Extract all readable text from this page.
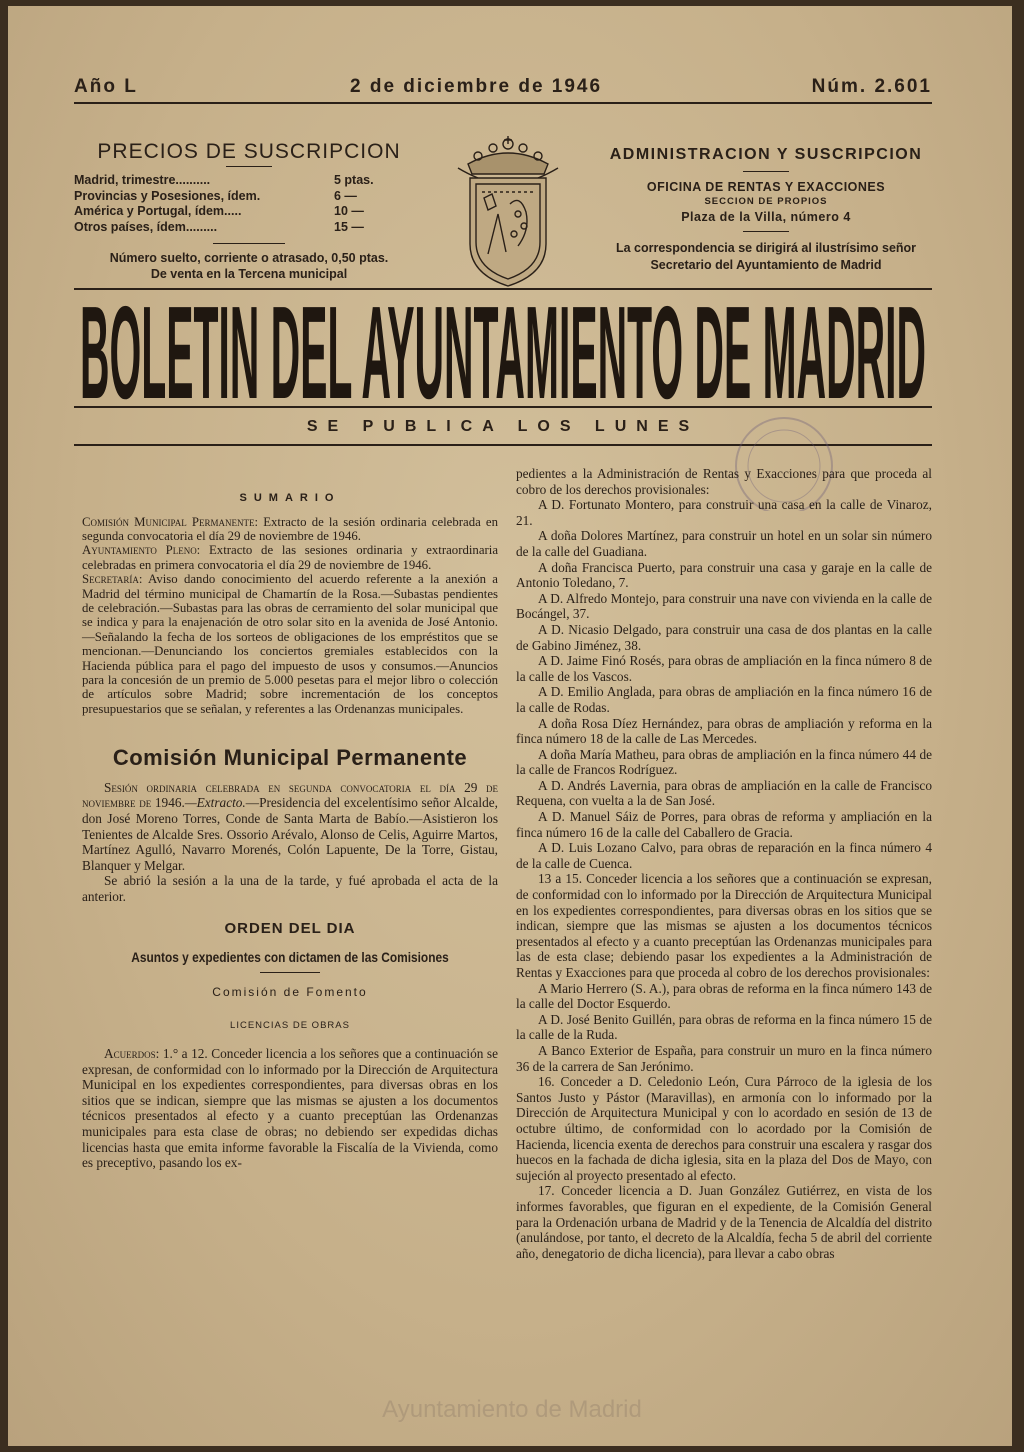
Año L	2 de diciembre de 1946	Núm. 2.601
PRECIOS DE SUSCRIPCION
Madrid, trimestre..........	5 ptas.
Provincias y Posesiones, ídem.	6 —
América y Portugal, ídem.....	10 —
Otros países, ídem.........	15 —
Número suelto, corriente o atrasado, 0,50 ptas.
De venta en la Tercena municipal
ADMINISTRACION Y SUSCRIPCION
OFICINA DE RENTAS Y EXACCIONES
SECCION DE PROPIOS
Plaza de la Villa, número 4
La correspondencia se dirigirá al ilustrísimo señor Secretario del Ayuntamiento de Madrid
BOLETIN DEL AYUNTAMIENTO DE MADRID
SE PUBLICA LOS LUNES
SUMARIO

Comisión Municipal Permanente: Extracto de la sesión ordinaria celebrada en segunda convocatoria el día 29 de noviembre de 1946.

Ayuntamiento Pleno: Extracto de las sesiones ordinaria y extraordinaria celebradas en primera convocatoria el día 29 de noviembre de 1946.

Secretaría: Aviso dando conocimiento del acuerdo referente a la anexión a Madrid del término municipal de Chamartín de la Rosa.—Subastas pendientes de celebración.—Subastas para las obras de cerramiento del solar municipal que se indica y para la enajenación de otro solar sito en la avenida de José Antonio.—Señalando la fecha de los sorteos de obligaciones de los empréstitos que se mencionan.—Denunciando los conciertos gremiales establecidos con la Hacienda pública para el pago del impuesto de usos y consumos.—Anuncios para la concesión de un premio de 5.000 pesetas para el mejor libro o colección de artículos sobre Madrid; sobre incrementación de los conceptos presupuestarios que se señalan, y referentes a las Ordenanzas municipales.

Comisión Municipal Permanente

Sesión ordinaria celebrada en segunda convocatoria el día 29 de noviembre de 1946.—Extracto.—Presidencia del excelentísimo señor Alcalde, don José Moreno Torres, Conde de Santa Marta de Babío.—Asistieron los Tenientes de Alcalde Sres. Ossorio Arévalo, Alonso de Celis, Aguirre Martos, Martínez Agulló, Navarro Morenés, Colón Lapuente, De la Torre, Gistau, Blanquer y Melgar.

Se abrió la sesión a la una de la tarde, y fué aprobada el acta de la anterior.

ORDEN DEL DIA
Asuntos y expedientes con dictamen de las Comisiones
Comisión de Fomento
LICENCIAS DE OBRAS

Acuerdos: 1.° a 12. Conceder licencia a los señores que a continuación se expresan, de conformidad con lo informado por la Dirección de Arquitectura Municipal en los expedientes correspondientes, para diversas obras en los sitios que se indican, siempre que las mismas se ajusten a los documentos técnicos presentados al efecto y a cuanto preceptúan las Ordenanzas municipales para esta clase de obras; no debiendo ser expedidas dichas licencias hasta que emita informe favorable la Fiscalía de la Vivienda, como es preceptivo, pasando los ex-

pedientes a la Administración de Rentas y Exacciones para que proceda al cobro de los derechos provisionales:

A D. Fortunato Montero, para construir una casa en la calle de Vinaroz, 21.

A doña Dolores Martínez, para construir un hotel en un solar sin número de la calle del Guadiana.

A doña Francisca Puerto, para construir una casa y garaje en la calle de Antonio Toledano, 7.

A D. Alfredo Montejo, para construir una nave con vivienda en la calle de Bocángel, 37.

A D. Nicasio Delgado, para construir una casa de dos plantas en la calle de Gabino Jiménez, 38.

A D. Jaime Finó Rosés, para obras de ampliación en la finca número 8 de la calle de los Vascos.

A D. Emilio Anglada, para obras de ampliación en la finca número 16 de la calle de Rodas.

A doña Rosa Díez Hernández, para obras de ampliación y reforma en la finca número 18 de la calle de Las Mercedes.

A doña María Matheu, para obras de ampliación en la finca número 44 de la calle de Francos Rodríguez.

A D. Andrés Lavernia, para obras de ampliación en la calle de Francisco Requena, con vuelta a la de San José.

A D. Manuel Sáiz de Porres, para obras de reforma y ampliación en la finca número 16 de la calle del Caballero de Gracia.

A D. Luis Lozano Calvo, para obras de reparación en la finca número 4 de la calle de Cuenca.

13 a 15. Conceder licencia a los señores que a continuación se expresan, de conformidad con lo informado por la Dirección de Arquitectura Municipal en los expedientes correspondientes, para diversas obras en los sitios que se indican, siempre que las mismas se ajusten a los documentos técnicos presentados al efecto y a cuanto preceptúan las Ordenanzas municipales para las de esta clase; debiendo pasar los expedientes a la Administración de Rentas y Exacciones para que proceda al cobro de los derechos provisionales:

A Mario Herrero (S. A.), para obras de reforma en la finca número 143 de la calle del Doctor Esquerdo.

A D. José Benito Guillén, para obras de reforma en la finca número 15 de la calle de la Ruda.

A Banco Exterior de España, para construir un muro en la finca número 36 de la carrera de San Jerónimo.

16. Conceder a D. Celedonio León, Cura Párroco de la iglesia de los Santos Justo y Pástor (Maravillas), en armonía con lo informado por la Dirección de Arquitectura Municipal y con lo acordado en sesión de 13 de octubre último, de conformidad con lo acordado por la Comisión de Hacienda, licencia exenta de derechos para construir una escalera y rasgar dos huecos en la fachada de dicha iglesia, sita en la plaza del Dos de Mayo, con sujeción al proyecto presentado al efecto.

17. Conceder licencia a D. Juan González Gutiérrez, en vista de los informes favorables, que figuran en el expediente, de la Comisión General para la Ordenación urbana de Madrid y de la Tenencia de Alcaldía del distrito (anulándose, por tanto, el decreto de la Alcaldía, fecha 5 de abril del corriente año, denegatorio de dicha licencia), para llevar a cabo obras

Ayuntamiento de Madrid
